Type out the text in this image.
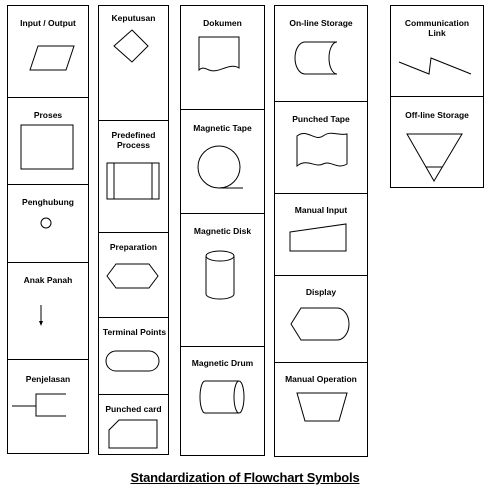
Input / Output
Proses
Penghubung
Anak Panah
Penjelasan
Keputusan
Predefined Process
Preparation
Terminal Points
Punched card
Dokumen
Magnetic Tape
Magnetic Disk
Magnetic Drum
On-line Storage
Punched Tape
Manual Input
Display
Manual Operation
Communication Link
Off-line Storage
Standardization of Flowchart Symbols
